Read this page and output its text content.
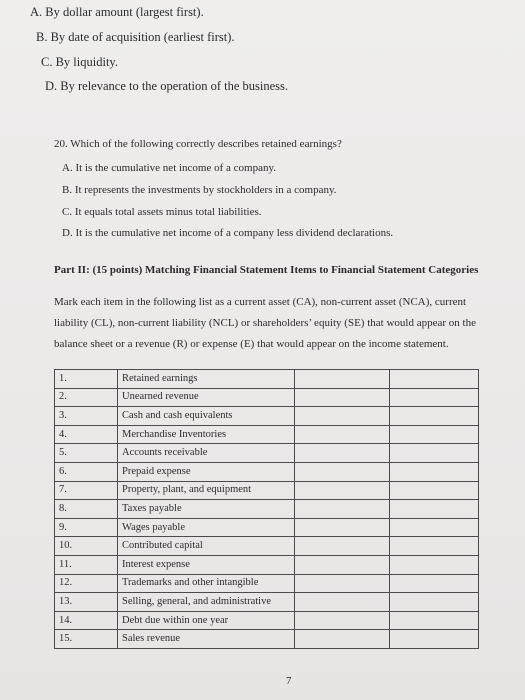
A. By dollar amount (largest first).
B. By date of acquisition (earliest first).
C. By liquidity.
D. By relevance to the operation of the business.
20. Which of the following correctly describes retained earnings?
A. It is the cumulative net income of a company.
B. It represents the investments by stockholders in a company.
C. It equals total assets minus total liabilities.
D. It is the cumulative net income of a company less dividend declarations.
Part II: (15 points) Matching Financial Statement Items to Financial Statement Categories
Mark each item in the following list as a current asset (CA), non-current asset (NCA), current
liability (CL), non-current liability (NCL) or shareholders’ equity (SE) that would appear on the
balance sheet or a revenue (R) or expense (E) that would appear on the income statement.
1.	Retained earnings		
2.	Unearned revenue		
3.	Cash and cash equivalents		
4.	Merchandise Inventories		
5.	Accounts receivable		
6.	Prepaid expense		
7.	Property, plant, and equipment		
8.	Taxes payable		
9.	Wages payable		
10.	Contributed capital		
11.	Interest expense		
12.	Trademarks and other intangible		
13.	Selling, general, and administrative		
14.	Debt due within one year		
15.	Sales revenue		
7
